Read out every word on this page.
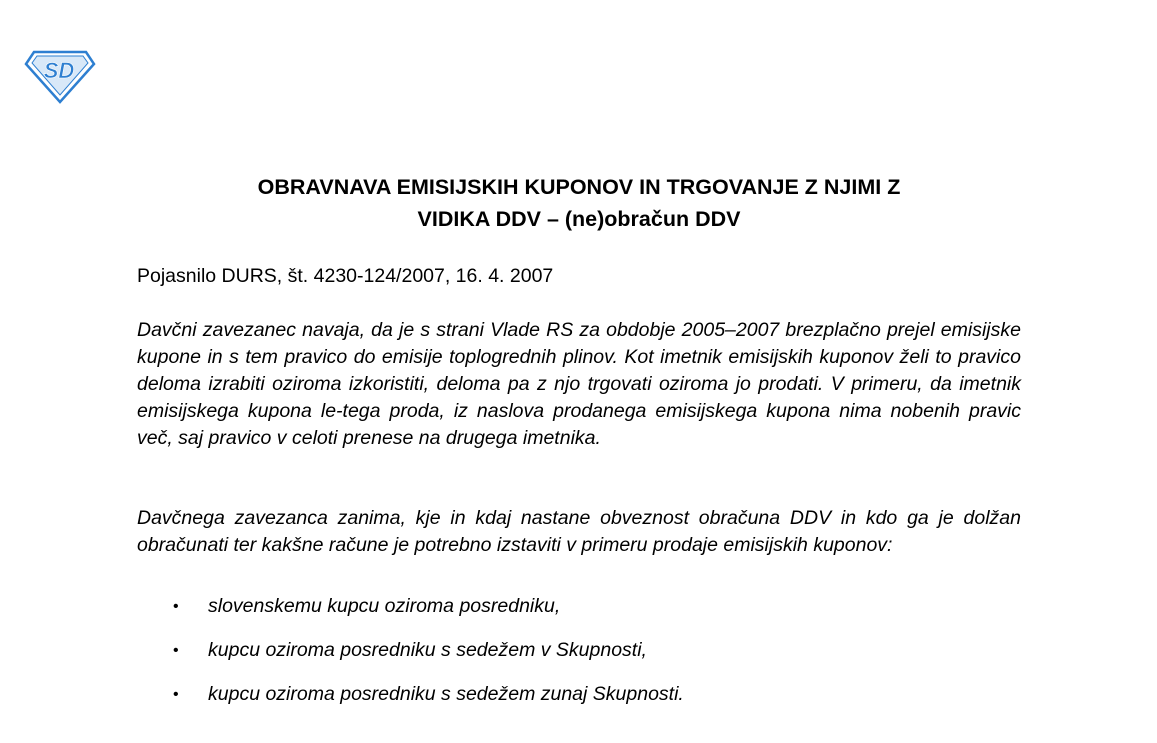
SD
OBRAVNAVA EMISIJSKIH KUPONOV IN TRGOVANJE Z NJIMI Z
VIDIKA DDV – (ne)obračun DDV

Pojasnilo DURS, št. 4230-124/2007, 16. 4. 2007

Davčni zavezanec navaja, da je s strani Vlade RS za obdobje 2005–2007 brezplačno prejel emisijske kupone in s tem pravico do emisije toplogrednih plinov. Kot imetnik emisijskih kuponov želi to pravico deloma izrabiti oziroma izkoristiti, deloma pa z njo trgovati oziroma jo prodati. V primeru, da imetnik emisijskega kupona le-tega proda, iz naslova prodanega emisijskega kupona nima nobenih pravic več, saj pravico v celoti prenese na drugega imetnika.

Davčnega zavezanca zanima, kje in kdaj nastane obveznost obračuna DDV in kdo ga je dolžan obračunati ter kakšne račune je potrebno izstaviti v primeru prodaje emisijskih kuponov:

• slovenskemu kupcu oziroma posredniku,
• kupcu oziroma posredniku s sedežem v Skupnosti,
• kupcu oziroma posredniku s sedežem zunaj Skupnosti.
